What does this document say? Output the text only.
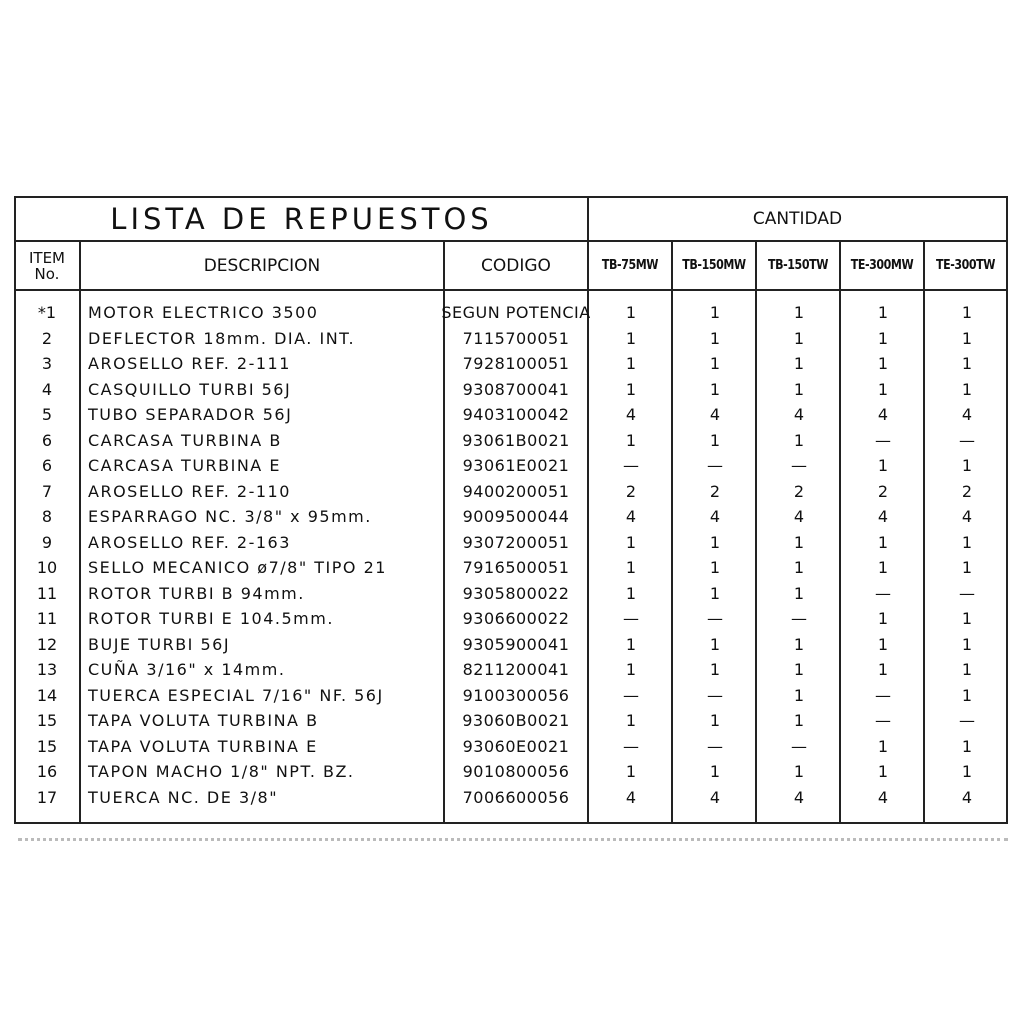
LISTA DE REPUESTOS	CANTIDAD
ITEM
No.	DESCRIPCION	CODIGO	TB-75MW	TB-150MW	TB-150TW	TE-300MW	TE-300TW
*1	MOTOR ELECTRICO 3500	SEGUN POTENCIA	1	1	1	1	1
2	DEFLECTOR 18mm. DIA. INT.	7115700051	1	1	1	1	1
3	AROSELLO REF. 2-111	7928100051	1	1	1	1	1
4	CASQUILLO TURBI 56J	9308700041	1	1	1	1	1
5	TUBO SEPARADOR 56J	9403100042	4	4	4	4	4
6	CARCASA TURBINA B	93061B0021	1	1	1	—	—
6	CARCASA TURBINA E	93061E0021	—	—	—	1	1
7	AROSELLO REF. 2-110	9400200051	2	2	2	2	2
8	ESPARRAGO NC. 3/8" x 95mm.	9009500044	4	4	4	4	4
9	AROSELLO REF. 2-163	9307200051	1	1	1	1	1
10	SELLO MECANICO ø7/8" TIPO 21	7916500051	1	1	1	1	1
11	ROTOR TURBI B 94mm.	9305800022	1	1	1	—	—
11	ROTOR TURBI E 104.5mm.	9306600022	—	—	—	1	1
12	BUJE TURBI 56J	9305900041	1	1	1	1	1
13	CUÑA 3/16" x 14mm.	8211200041	1	1	1	1	1
14	TUERCA ESPECIAL 7/16" NF. 56J	9100300056	—	—	1	—	1
15	TAPA VOLUTA TURBINA B	93060B0021	1	1	1	—	—
15	TAPA VOLUTA TURBINA E	93060E0021	—	—	—	1	1
16	TAPON MACHO 1/8" NPT. BZ.	9010800056	1	1	1	1	1
17	TUERCA NC. DE 3/8"	7006600056	4	4	4	4	4
